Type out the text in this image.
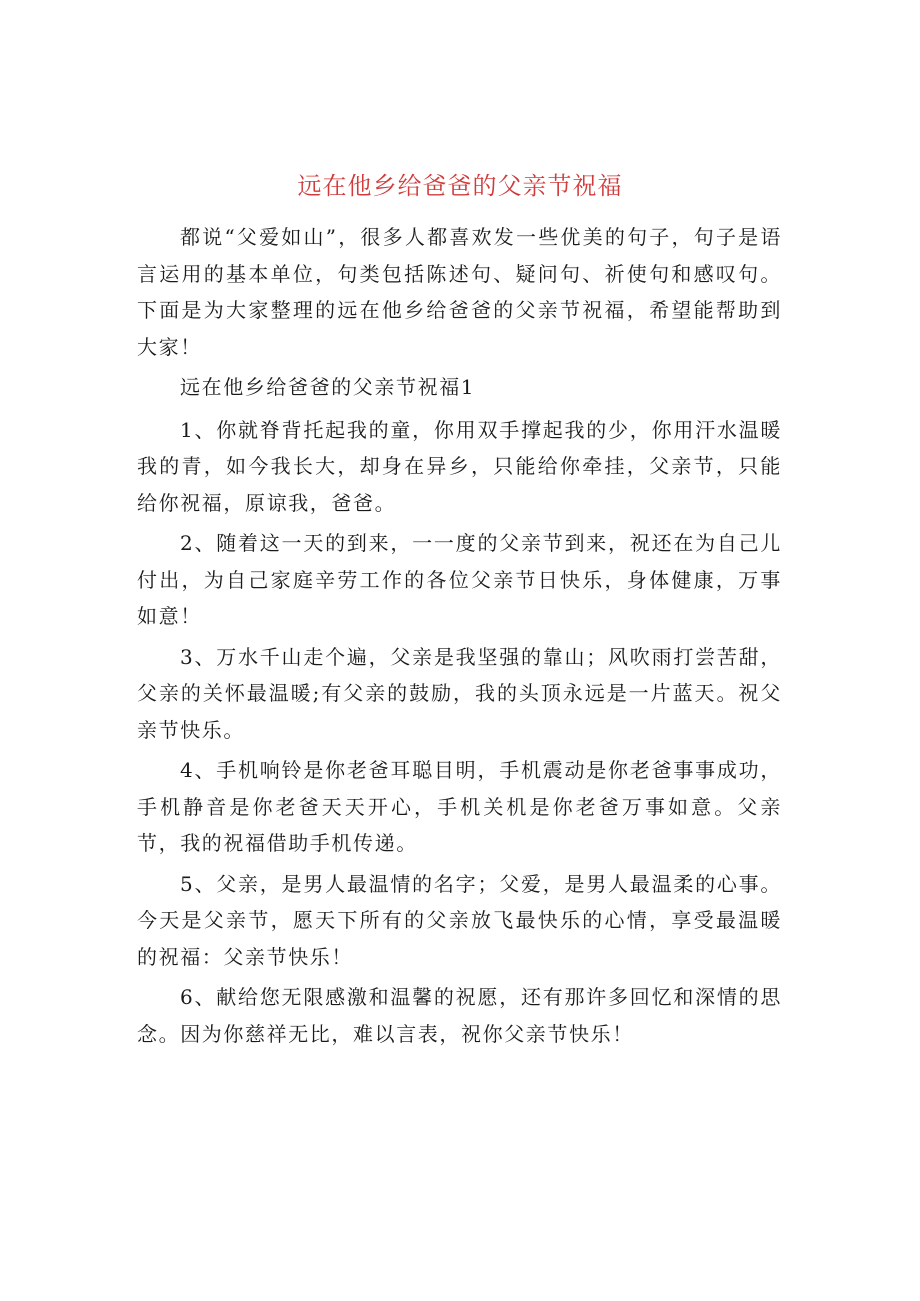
远在他乡给爸爸的父亲节祝福

都说“父爱如山”，很多人都喜欢发一些优美的句子，句子是语言运用的基本单位，句类包括陈述句、疑问句、祈使句和感叹句。下面是为大家整理的远在他乡给爸爸的父亲节祝福，希望能帮助到大家！

远在他乡给爸爸的父亲节祝福1

1、你就脊背托起我的童，你用双手撑起我的少，你用汗水温暖我的青，如今我长大，却身在异乡，只能给你牵挂，父亲节，只能给你祝福，原谅我，爸爸。

2、随着这一天的到来，一一度的父亲节到来，祝还在为自己儿付出，为自己家庭辛劳工作的各位父亲节日快乐，身体健康，万事如意！

3、万水千山走个遍，父亲是我坚强的靠山；风吹雨打尝苦甜，父亲的关怀最温暖;有父亲的鼓励，我的头顶永远是一片蓝天。祝父亲节快乐。

4、手机响铃是你老爸耳聪目明，手机震动是你老爸事事成功，手机静音是你老爸天天开心，手机关机是你老爸万事如意。父亲节，我的祝福借助手机传递。

5、父亲，是男人最温情的名字；父爱，是男人最温柔的心事。今天是父亲节，愿天下所有的父亲放飞最快乐的心情，享受最温暖的祝福：父亲节快乐！

6、献给您无限感激和温馨的祝愿，还有那许多回忆和深情的思念。因为你慈祥无比，难以言表，祝你父亲节快乐！
